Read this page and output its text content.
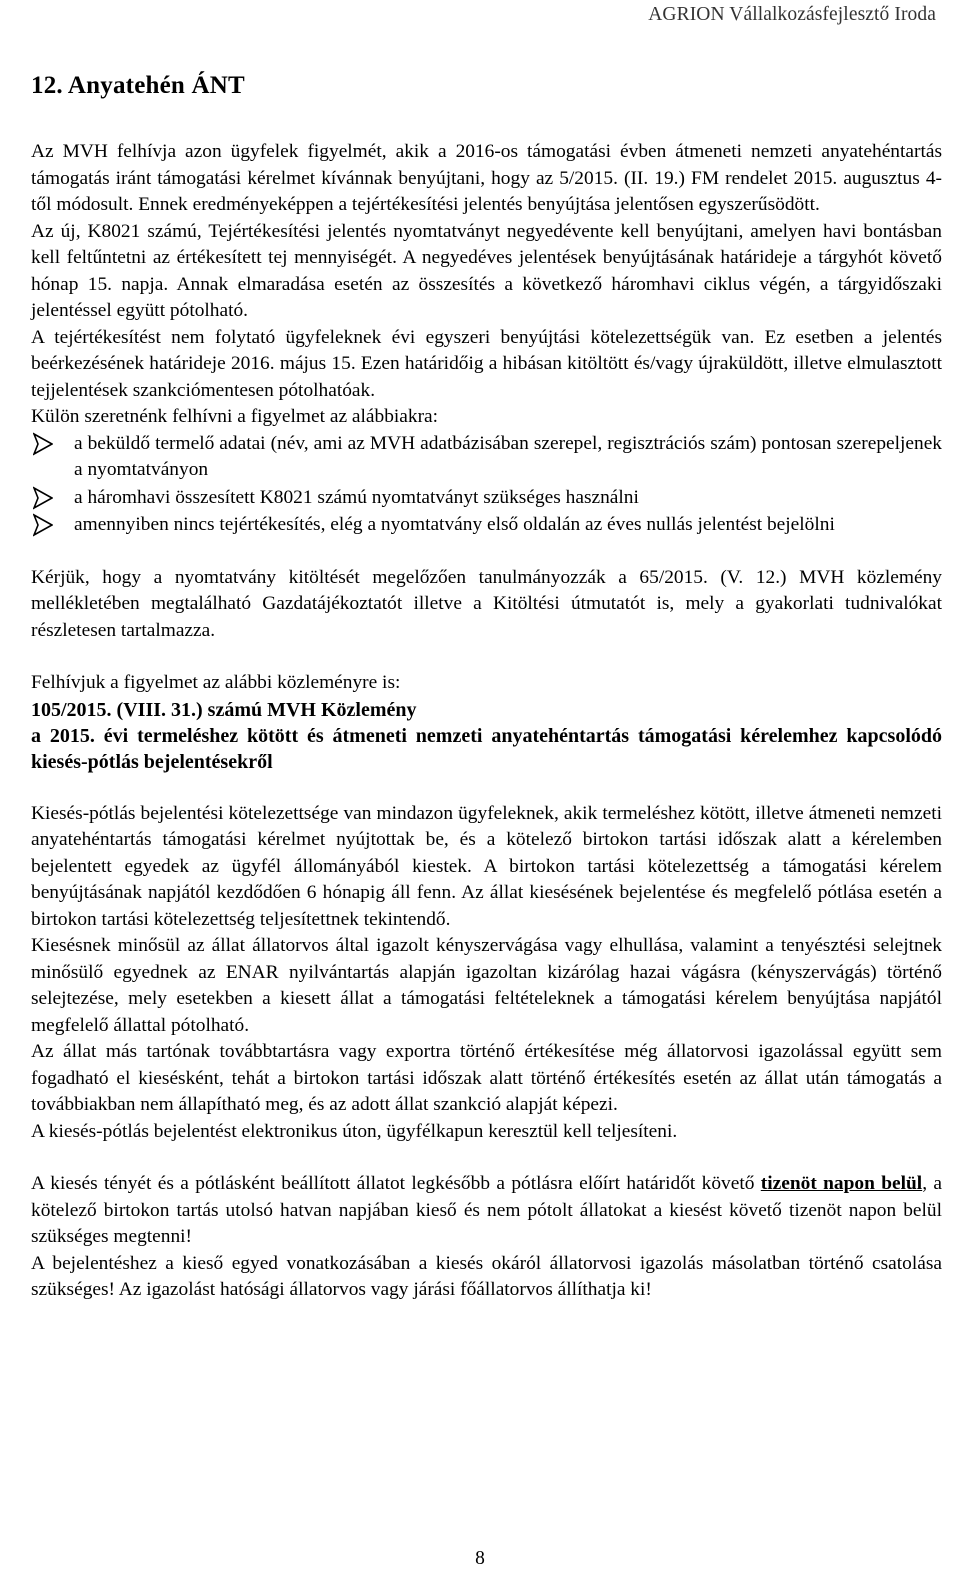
AGRION Vállalkozásfejlesztő Iroda
12. Anyatehén ÁNT

Az MVH felhívja azon ügyfelek figyelmét, akik a 2016-os támogatási évben átmeneti nemzeti anyatehéntartás támogatás iránt támogatási kérelmet kívánnak benyújtani, hogy az 5/2015. (II. 19.) FM rendelet 2015. augusztus 4-től módosult. Ennek eredményeképpen a tejértékesítési jelentés benyújtása jelentősen egyszerűsödött.

Az új, K8021 számú, Tejértékesítési jelentés nyomtatványt negyedévente kell benyújtani, amelyen havi bontásban kell feltűntetni az értékesített tej mennyiségét. A negyedéves jelentések benyújtásának határideje a tárgyhót követő hónap 15. napja. Annak elmaradása esetén az összesítés a következő háromhavi ciklus végén, a tárgyidőszaki jelentéssel együtt pótolható.

A tejértékesítést nem folytató ügyfeleknek évi egyszeri benyújtási kötelezettségük van. Ez esetben a jelentés beérkezésének határideje 2016. május 15. Ezen határidőig a hibásan kitöltött és/vagy újraküldött, illetve elmulasztott tejjelentések szankciómentesen pótolhatóak.

Külön szeretnénk felhívni a figyelmet az alábbiakra:

a beküldő termelő adatai (név, ami az MVH adatbázisában szerepel, regisztrációs szám) pontosan szerepeljenek a nyomtatványon
a háromhavi összesített K8021 számú nyomtatványt szükséges használni
amennyiben nincs tejértékesítés, elég a nyomtatvány első oldalán az éves nullás jelentést bejelölni

Kérjük, hogy a nyomtatvány kitöltését megelőzően tanulmányozzák a 65/2015. (V. 12.) MVH közlemény mellékletében megtalálható Gazdatájékoztatót illetve a Kitöltési útmutatót is, mely a gyakorlati tudnivalókat részletesen tartalmazza.

Felhívjuk a figyelmet az alábbi közleményre is:

105/2015. (VIII. 31.) számú MVH Közlemény

a 2015. évi termeléshez kötött és átmeneti nemzeti anyatehéntartás támogatási kérelemhez kapcsolódó kiesés-pótlás bejelentésekről

Kiesés-pótlás bejelentési kötelezettsége van mindazon ügyfeleknek, akik termeléshez kötött, illetve átmeneti nemzeti anyatehéntartás támogatási kérelmet nyújtottak be, és a kötelező birtokon tartási időszak alatt a kérelemben bejelentett egyedek az ügyfél állományából kiestek. A birtokon tartási kötelezettség a támogatási kérelem benyújtásának napjától kezdődően 6 hónapig áll fenn. Az állat kiesésének bejelentése és megfelelő pótlása esetén a birtokon tartási kötelezettség teljesítettnek tekintendő.

Kiesésnek minősül az állat állatorvos által igazolt kényszervágása vagy elhullása, valamint a tenyésztési selejtnek minősülő egyednek az ENAR nyilvántartás alapján igazoltan kizárólag hazai vágásra (kényszervágás) történő selejtezése, mely esetekben a kiesett állat a támogatási feltételeknek a támogatási kérelem benyújtása napjától megfelelő állattal pótolható.

Az állat más tartónak továbbtartásra vagy exportra történő értékesítése még állatorvosi igazolással együtt sem fogadható el kiesésként, tehát a birtokon tartási időszak alatt történő értékesítés esetén az állat után támogatás a továbbiakban nem állapítható meg, és az adott állat szankció alapját képezi.

A kiesés-pótlás bejelentést elektronikus úton, ügyfélkapun keresztül kell teljesíteni.

A kiesés tényét és a pótlásként beállított állatot legkésőbb a pótlásra előírt határidőt követő tizenöt napon belül, a kötelező birtokon tartás utolsó hatvan napjában kieső és nem pótolt állatokat a kiesést követő tizenöt napon belül szükséges megtenni!

A bejelentéshez a kieső egyed vonatkozásában a kiesés okáról állatorvosi igazolás másolatban történő csatolása szükséges! Az igazolást hatósági állatorvos vagy járási főállatorvos állíthatja ki!

8
